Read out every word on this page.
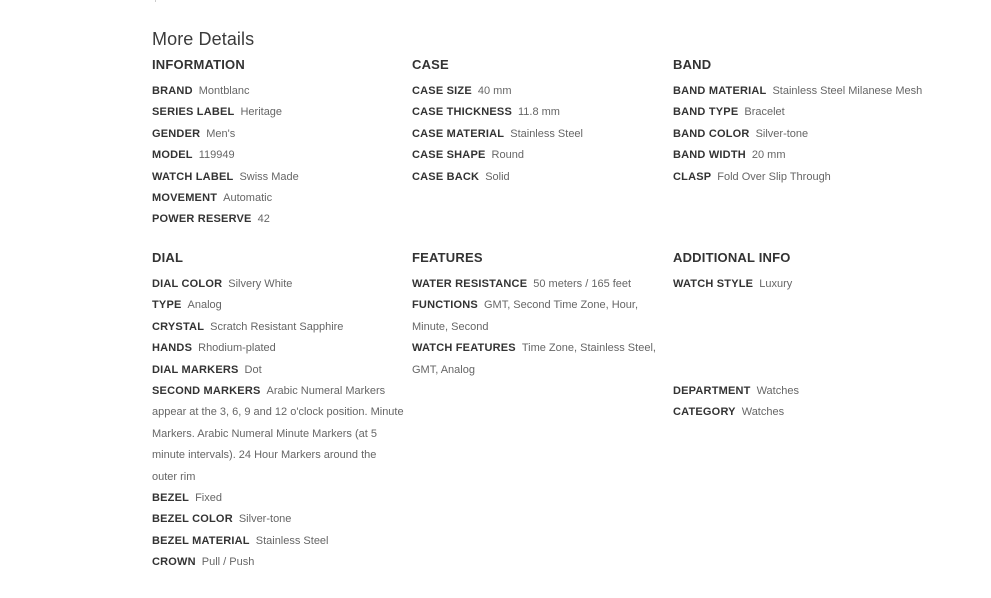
More Details
INFORMATION
BRAND Montblanc
SERIES LABEL Heritage
GENDER Men's
MODEL 119949
WATCH LABEL Swiss Made
MOVEMENT Automatic
POWER RESERVE 42
CASE
CASE SIZE 40 mm
CASE THICKNESS 11.8 mm
CASE MATERIAL Stainless Steel
CASE SHAPE Round
CASE BACK Solid
BAND
BAND MATERIAL Stainless Steel Milanese Mesh
BAND TYPE Bracelet
BAND COLOR Silver-tone
BAND WIDTH 20 mm
CLASP Fold Over Slip Through
DIAL
DIAL COLOR Silvery White
TYPE Analog
CRYSTAL Scratch Resistant Sapphire
HANDS Rhodium-plated
DIAL MARKERS Dot
SECOND MARKERS Arabic Numeral Markers appear at the 3, 6, 9 and 12 o'clock position. Minute Markers. Arabic Numeral Minute Markers (at 5 minute intervals). 24 Hour Markers around the outer rim
BEZEL Fixed
BEZEL COLOR Silver-tone
BEZEL MATERIAL Stainless Steel
CROWN Pull / Push
FEATURES
WATER RESISTANCE 50 meters / 165 feet
FUNCTIONS GMT, Second Time Zone, Hour, Minute, Second
WATCH FEATURES Time Zone, Stainless Steel, GMT, Analog
ADDITIONAL INFO
WATCH STYLE Luxury
DEPARTMENT Watches
CATEGORY Watches
